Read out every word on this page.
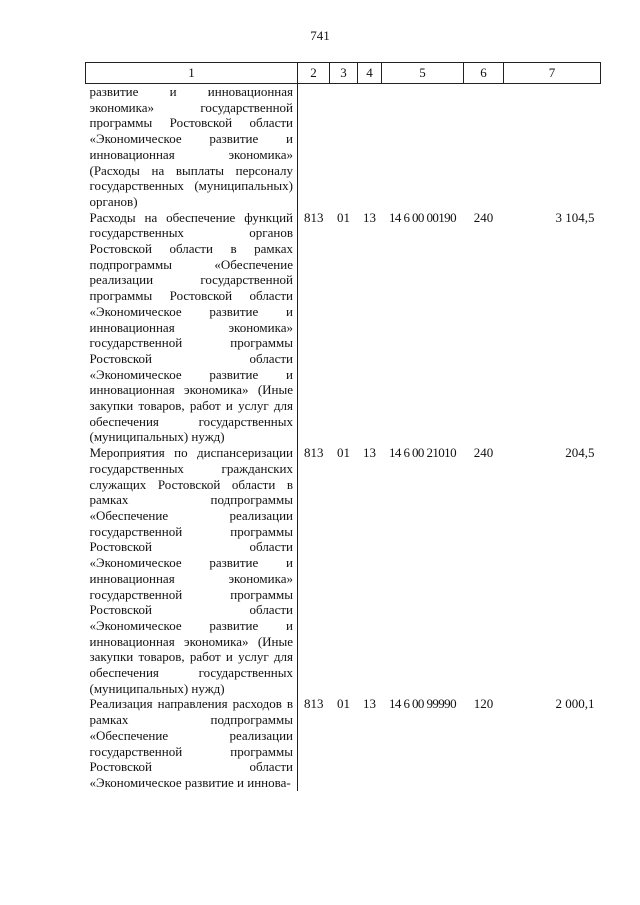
741
1	2	3	4	5	6	7
развитие и инновационная экономика» государственной программы Ростовской области «Экономическое развитие и инновационная экономика» (Расходы на выплаты персоналу государственных (муниципальных) органов)						
Расходы на обеспечение функций государственных органов Ростовской области в рамках подпрограммы «Обеспечение реализации государственной программы Ростовской области «Экономическое развитие и инновационная экономика» государственной программы Ростовской области «Экономическое развитие и инновационная экономика» (Иные закупки товаров, работ и услуг для обеспечения государственных (муниципальных) нужд)	813	01	13	14 6 00 00190	240	3 104,5
Мероприятия по диспансеризации государственных гражданских служащих Ростовской области в рамках подпрограммы «Обеспечение реализации государственной программы Ростовской области «Экономическое развитие и инновационная экономика» государственной программы Ростовской области «Экономическое развитие и инновационная экономика» (Иные закупки товаров, работ и услуг для обеспечения государственных (муниципальных) нужд)	813	01	13	14 6 00 21010	240	204,5
Реализация направления расходов в рамках подпрограммы «Обеспечение реализации государственной программы Ростовской области «Экономическое развитие и иннова-	813	01	13	14 6 00 99990	120	2 000,1
